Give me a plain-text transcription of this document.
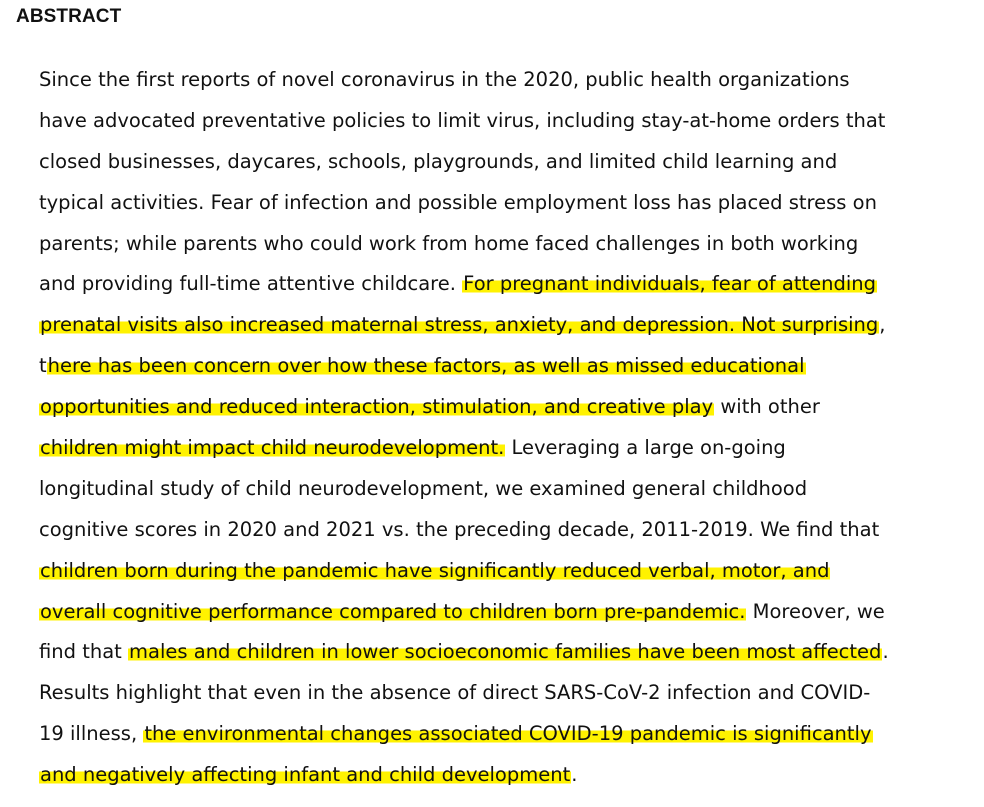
ABSTRACT
Since the first reports of novel coronavirus in the 2020, public health organizations
have advocated preventative policies to limit virus, including stay-at-home orders that
closed businesses, daycares, schools, playgrounds, and limited child learning and
typical activities. Fear of infection and possible employment loss has placed stress on
parents; while parents who could work from home faced challenges in both working
and providing full-time attentive childcare. For pregnant individuals, fear of attending
prenatal visits also increased maternal stress, anxiety, and depression. Not surprising,
there has been concern over how these factors, as well as missed educational
opportunities and reduced interaction, stimulation, and creative play with other
children might impact child neurodevelopment. Leveraging a large on-going
longitudinal study of child neurodevelopment, we examined general childhood
cognitive scores in 2020 and 2021 vs. the preceding decade, 2011-2019. We find that
children born during the pandemic have significantly reduced verbal, motor, and
overall cognitive performance compared to children born pre-pandemic. Moreover, we
find that males and children in lower socioeconomic families have been most affected.
Results highlight that even in the absence of direct SARS-CoV-2 infection and COVID-
19 illness, the environmental changes associated COVID-19 pandemic is significantly
and negatively affecting infant and child development.
